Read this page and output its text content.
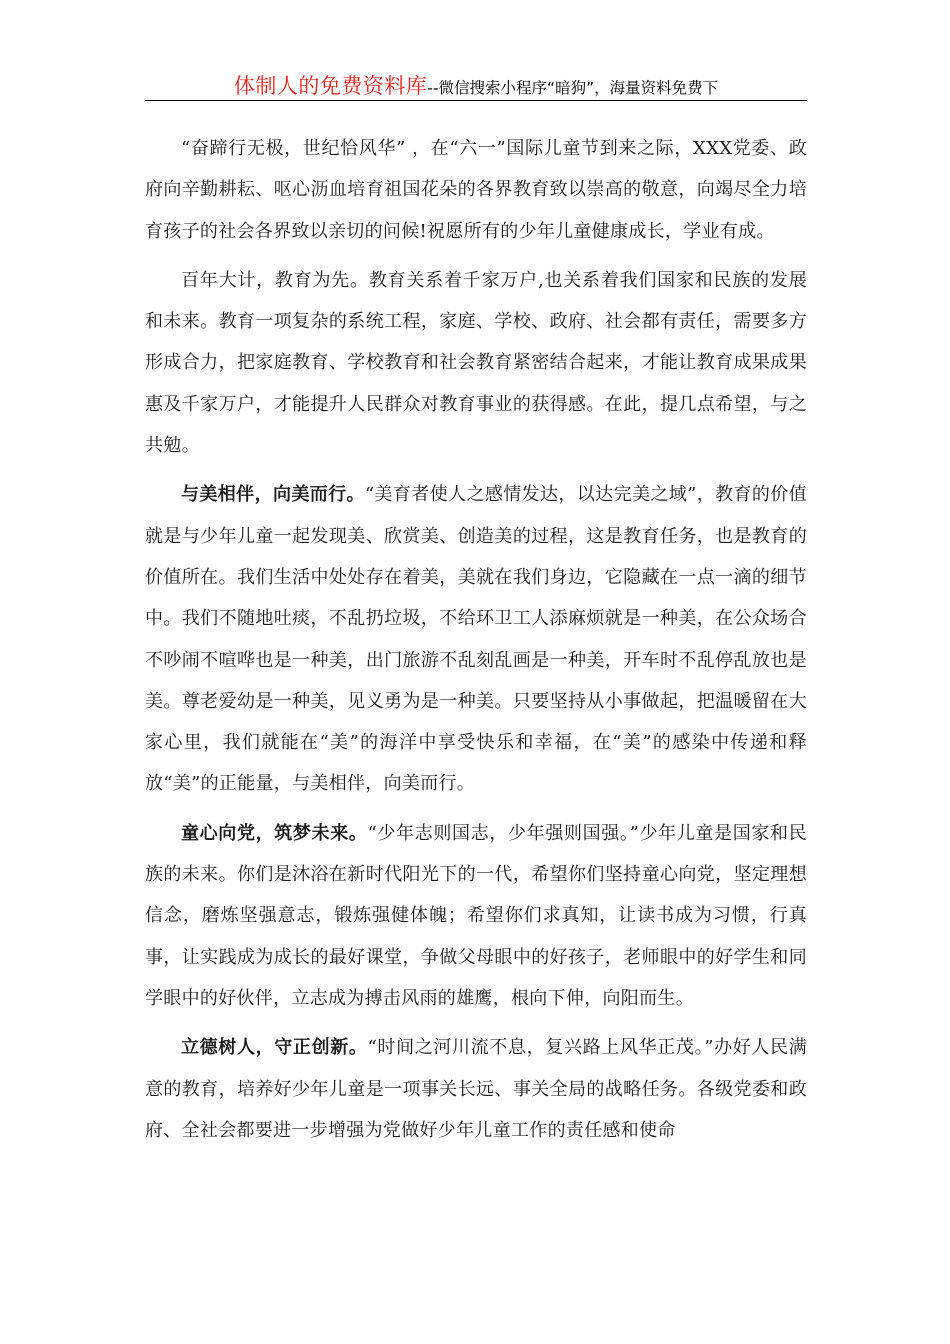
体制人的免费资料库--微信搜索小程序“暗狗”，海量资料免费下

“奋蹄行无极，世纪恰风华” ，在“六一”国际儿童节到来之际，XXX党委、政府向辛勤耕耘、呕心沥血培育祖国花朵的各界教育致以崇高的敬意，向竭尽全力培育孩子的社会各界致以亲切的问候!祝愿所有的少年儿童健康成长，学业有成。

百年大计，教育为先。教育关系着千家万户,也关系着我们国家和民族的发展和未来。教育一项复杂的系统工程，家庭、学校、政府、社会都有责任，需要多方形成合力，把家庭教育、学校教育和社会教育紧密结合起来，才能让教育成果成果惠及千家万户，才能提升人民群众对教育事业的获得感。在此，提几点希望，与之共勉。

与美相伴，向美而行。“美育者使人之感情发达，以达完美之域”，教育的价值就是与少年儿童一起发现美、欣赏美、创造美的过程，这是教育任务，也是教育的价值所在。我们生活中处处存在着美，美就在我们身边，它隐藏在一点一滴的细节中。我们不随地吐痰，不乱扔垃圾，不给环卫工人添麻烦就是一种美，在公众场合不吵闹不喧哗也是一种美，出门旅游不乱刻乱画是一种美，开车时不乱停乱放也是美。尊老爱幼是一种美，见义勇为是一种美。只要坚持从小事做起，把温暖留在大家心里，我们就能在“美”的海洋中享受快乐和幸福，在“美”的感染中传递和释放“美”的正能量，与美相伴，向美而行。

童心向党，筑梦未来。“少年志则国志，少年强则国强。”少年儿童是国家和民族的未来。你们是沐浴在新时代阳光下的一代，希望你们坚持童心向党，坚定理想信念，磨炼坚强意志，锻炼强健体魄；希望你们求真知，让读书成为习惯，行真事，让实践成为成长的最好课堂，争做父母眼中的好孩子，老师眼中的好学生和同学眼中的好伙伴，立志成为搏击风雨的雄鹰，根向下伸，向阳而生。

立德树人，守正创新。“时间之河川流不息，复兴路上风华正茂。”办好人民满意的教育，培养好少年儿童是一项事关长远、事关全局的战略任务。各级党委和政府、全社会都要进一步增强为党做好少年儿童工作的责任感和使命
